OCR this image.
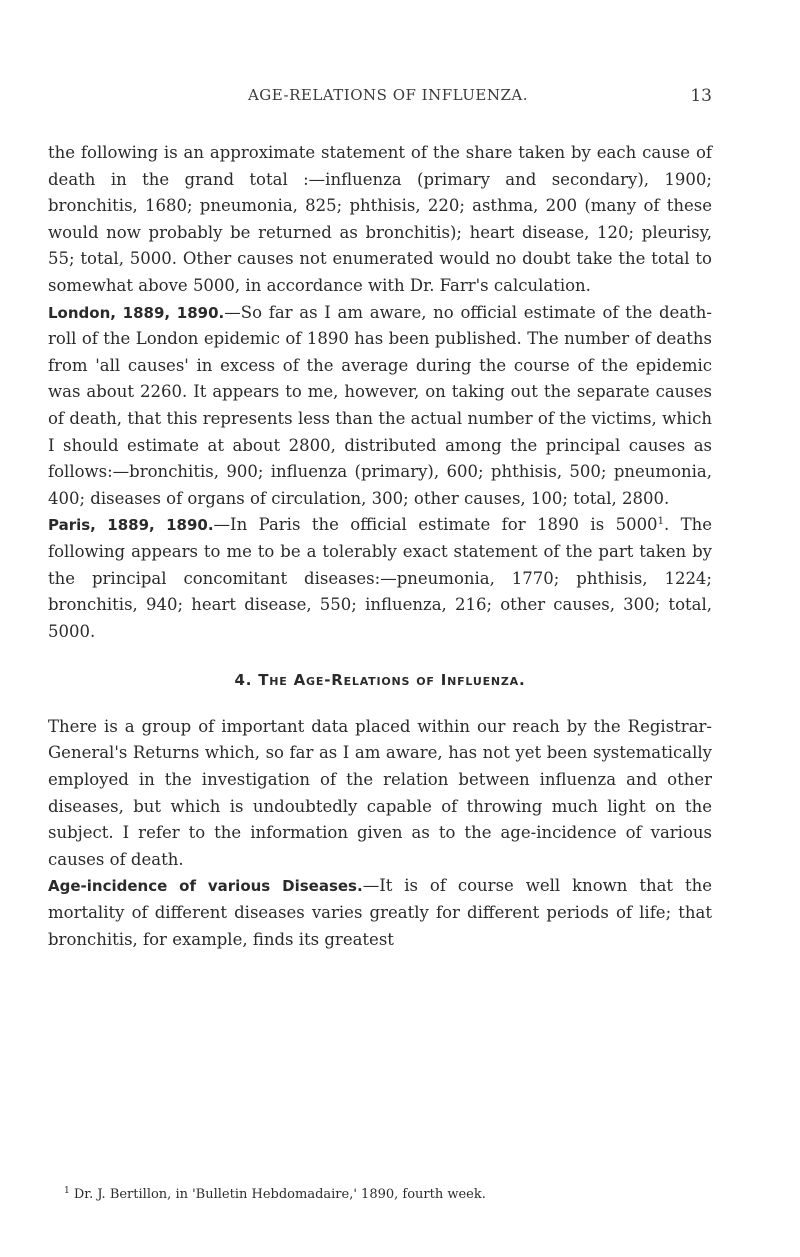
AGE-RELATIONS OF INFLUENZA.	13

the following is an approximate statement of the share taken by each cause of death in the grand total :—influenza (primary and secondary), 1900; bronchitis, 1680; pneumonia, 825; phthisis, 220; asthma, 200 (many of these would now probably be returned as bronchitis); heart disease, 120; pleurisy, 55; total, 5000. Other causes not enumerated would no doubt take the total to somewhat above 5000, in accordance with Dr. Farr's calculation.

London, 1889, 1890.—So far as I am aware, no official estimate of the death-roll of the London epidemic of 1890 has been published. The number of deaths from 'all causes' in excess of the average during the course of the epidemic was about 2260. It appears to me, however, on taking out the separate causes of death, that this represents less than the actual number of the victims, which I should estimate at about 2800, distributed among the principal causes as follows:—bronchitis, 900; influenza (primary), 600; phthisis, 500; pneumonia, 400; diseases of organs of circulation, 300; other causes, 100; total, 2800.

Paris, 1889, 1890.—In Paris the official estimate for 1890 is 5000$^1$. The following appears to me to be a tolerably exact statement of the part taken by the principal concomitant diseases:—pneumonia, 1770; phthisis, 1224; bronchitis, 940; heart disease, 550; influenza, 216; other causes, 300; total, 5000.

4. The Age-Relations of Influenza.

There is a group of important data placed within our reach by the Registrar-General's Returns which, so far as I am aware, has not yet been systematically employed in the investigation of the relation between influenza and other diseases, but which is undoubtedly capable of throwing much light on the subject. I refer to the information given as to the age-incidence of various causes of death.

Age-incidence of various Diseases.—It is of course well known that the mortality of different diseases varies greatly for different periods of life; that bronchitis, for example, finds its greatest

$^1$ Dr. J. Bertillon, in 'Bulletin Hebdomadaire,' 1890, fourth week.
